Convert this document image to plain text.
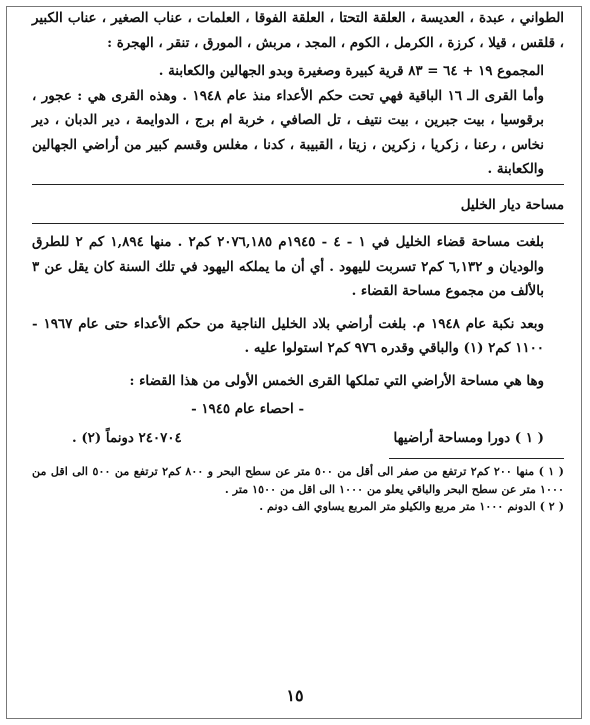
الطواني ، عبدة ، العديسة ، العلقة التحتا ، العلقة الفوقا ، العلمات ، عناب الصغير ، عناب الكبير ، قلقس ، قيلا ، كرزة ، الكرمل ، الكوم ، المجد ، مربش ، المورق ، تنقر ، الهجرة :

المجموع ١٩ + ٦٤ = ٨٣ قرية كبيرة وصغيرة وبدو الجهالين والكعابنة .

وأما القرى الـ ١٦ الباقية فهي تحت حكم الأعداء منذ عام ١٩٤٨ . وهذه القرى هي : عجور ، برقوسيا ، بيت جبرين ، بيت نتيف ، تل الصافي ، خربة ام برج ، الدوايمة ، دير الدبان ، دير نخاس ، رعنا ، زكريا ، زكرين ، زيتا ، القبيبة ، كدنا ، مغلس وقسم كبير من أراضي الجهالين والكعابنة .

مساحة ديار الخليل

بلغت مساحة قضاء الخليل في ١ - ٤ - ١٩٤٥م ٢٠٧٦,١٨٥ كم٢ . منها ١,٨٩٤ كم ٢ للطرق والوديان و ٦,١٣٢ كم٢ تسربت لليهود . أي أن ما يملكه اليهود في تلك السنة كان يقل عن ٣ بالألف من مجموع مساحة القضاء .

وبعد نكبة عام ١٩٤٨ م. بلغت أراضي بلاد الخليل الناجية من حكم الأعداء حتى عام ١٩٦٧ - ١١٠٠ كم٢ (١) والباقي وقدره ٩٧٦ كم٢ استولوا عليه .

وها هي مساحة الأراضي التي تملكها القرى الخمس الأولى من هذا القضاء :

- احصاء عام ١٩٤٥ -

( ١ ) دورا ومساحة أراضيها
٢٤٠٧٠٤ دونماً (٢) .

( ١ ) منها ٢٠٠ كم٢ ترتفع من صفر الى أقل من ٥٠٠ متر عن سطح البحر و ٨٠٠ كم٢ ترتفع من ٥٠٠ الى اقل من ١٠٠٠ متر عن سطح البحر والباقي يعلو من ١٠٠٠ الى اقل من ١٥٠٠ متر .

( ٢ ) الدونم ١٠٠٠ متر مربع والكيلو متر المربع يساوي الف دونم .

١٥
